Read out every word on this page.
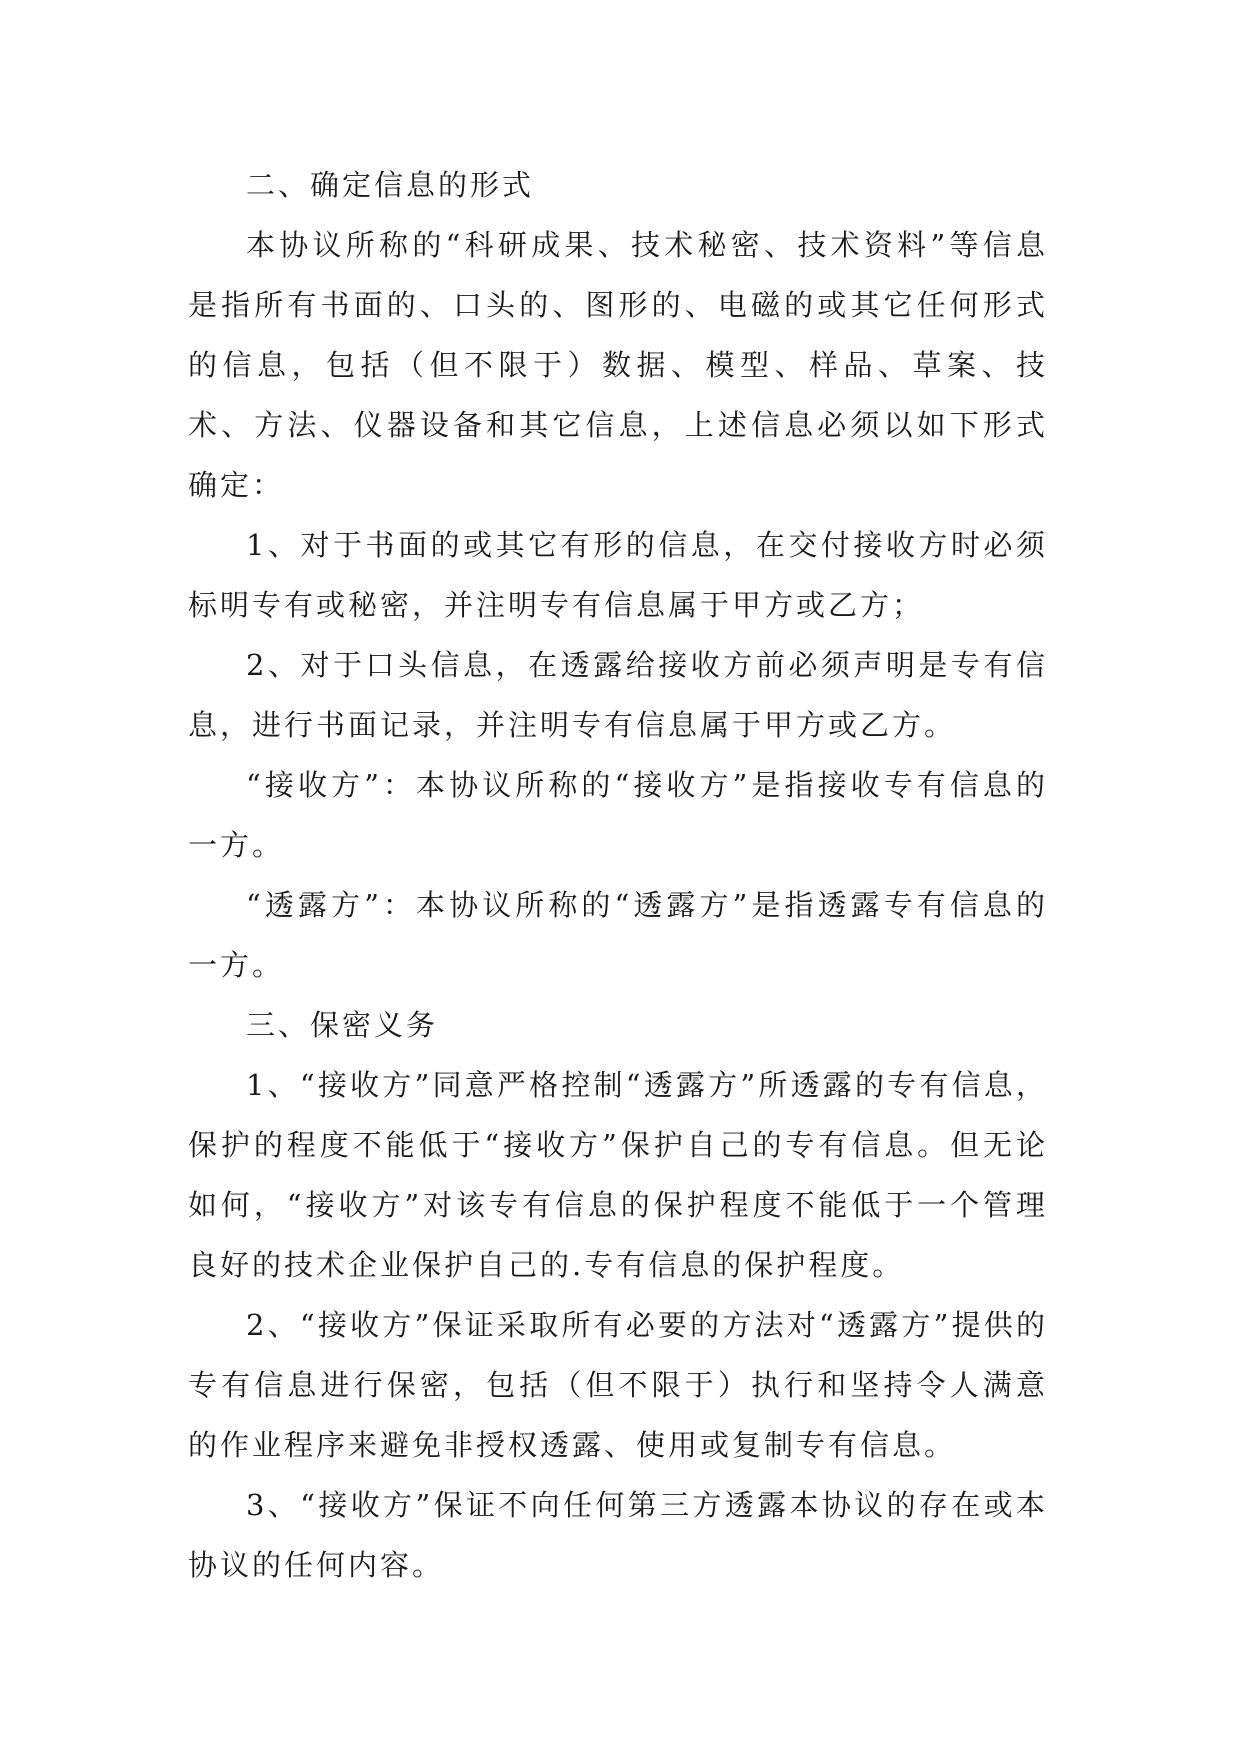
二、确定信息的形式

本协议所称的“科研成果、技术秘密、技术资料”等信息是指所有书面的、口头的、图形的、电磁的或其它任何形式的信息，包括（但不限于）数据、模型、样品、草案、技术、方法、仪器设备和其它信息，上述信息必须以如下形式确定：

1、对于书面的或其它有形的信息，在交付接收方时必须标明专有或秘密，并注明专有信息属于甲方或乙方；

2、对于口头信息，在透露给接收方前必须声明是专有信息，进行书面记录，并注明专有信息属于甲方或乙方。

“接收方”：本协议所称的“接收方”是指接收专有信息的一方。

“透露方”：本协议所称的“透露方”是指透露专有信息的一方。

三、保密义务

1、“接收方”同意严格控制“透露方”所透露的专有信息，保护的程度不能低于“接收方”保护自己的专有信息。但无论如何，“接收方”对该专有信息的保护程度不能低于一个管理良好的技术企业保护自己的.专有信息的保护程度。

2、“接收方”保证采取所有必要的方法对“透露方”提供的专有信息进行保密，包括（但不限于）执行和坚持令人满意的作业程序来避免非授权透露、使用或复制专有信息。

3、“接收方”保证不向任何第三方透露本协议的存在或本协议的任何内容。
